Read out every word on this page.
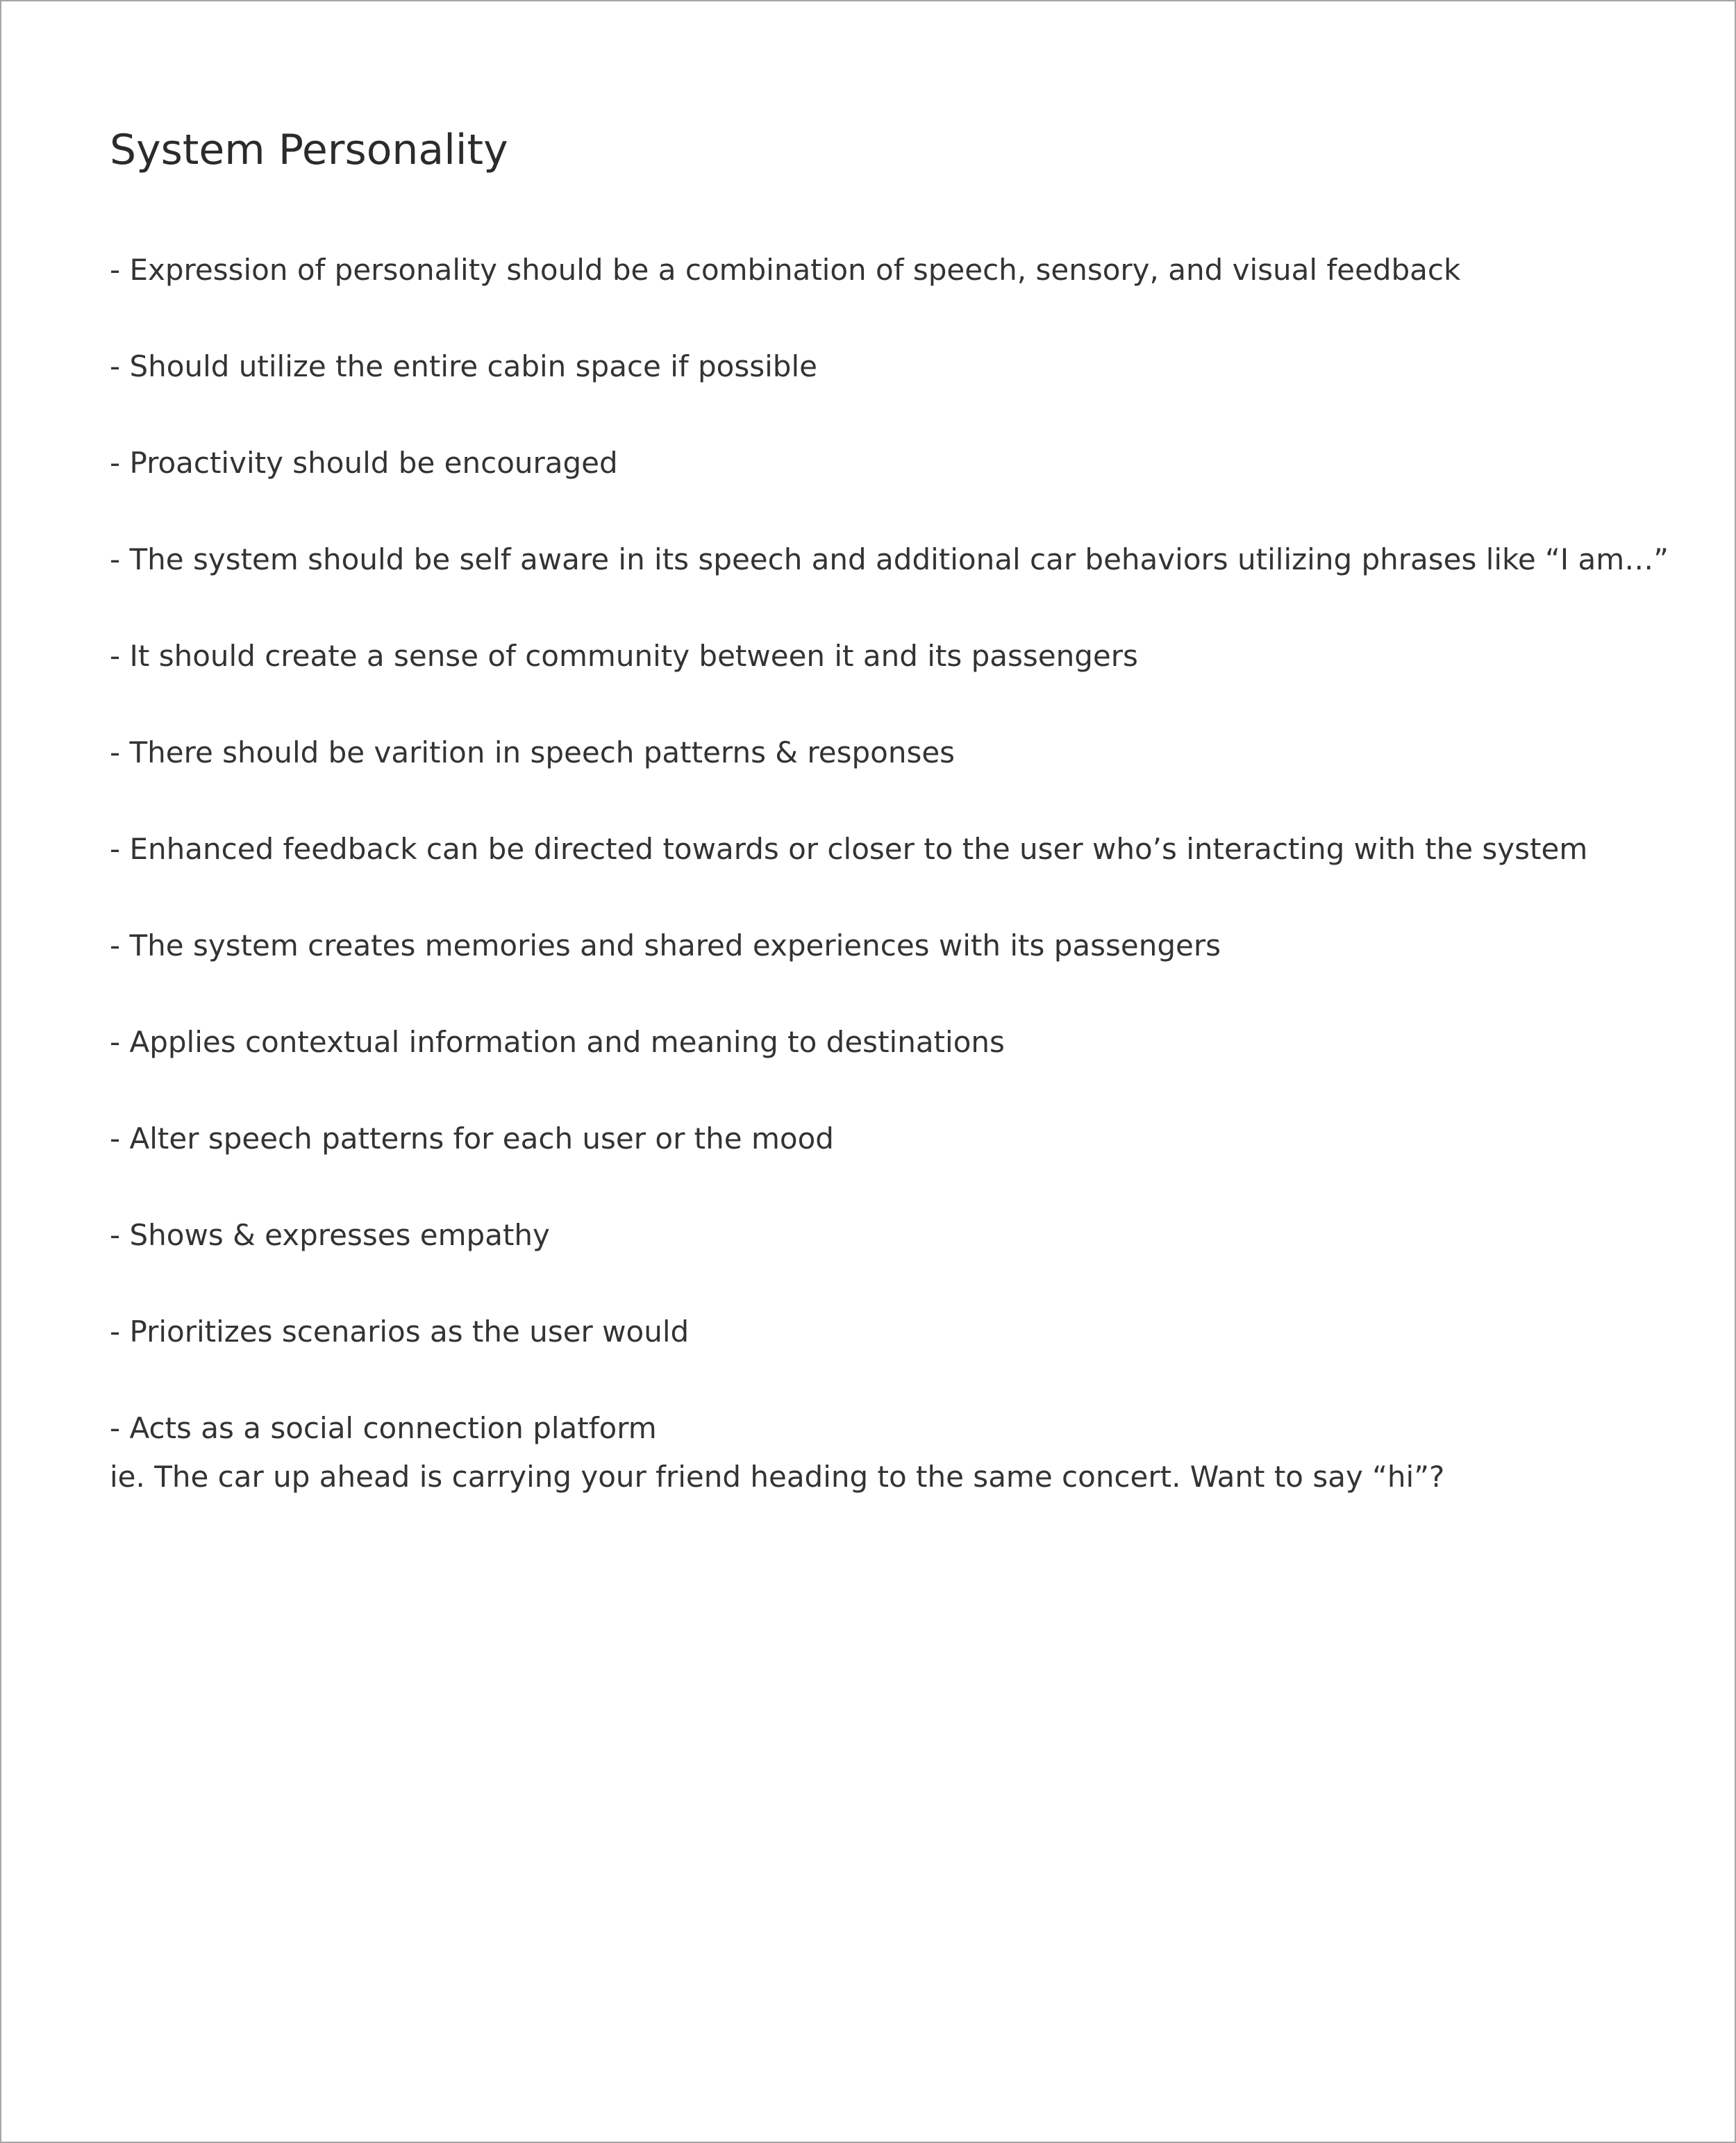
System Personality
- Expression of personality should be a combination of speech, sensory, and visual feedback
- Should utilize the entire cabin space if possible
- Proactivity should be encouraged
- The system should be self aware in its speech and additional car behaviors utilizing phrases like “I am…”
- It should create a sense of community between it and its passengers
- There should be varition in speech patterns & responses
- Enhanced feedback can be directed towards or closer to the user who’s interacting with the system
- The system creates memories and shared experiences with its passengers
- Applies contextual information and meaning to destinations
- Alter speech patterns for each user or the mood
- Shows & expresses empathy
- Prioritizes scenarios as the user would
- Acts as a social connection platform
ie. The car up ahead is carrying your friend heading to the same concert. Want to say “hi”?
